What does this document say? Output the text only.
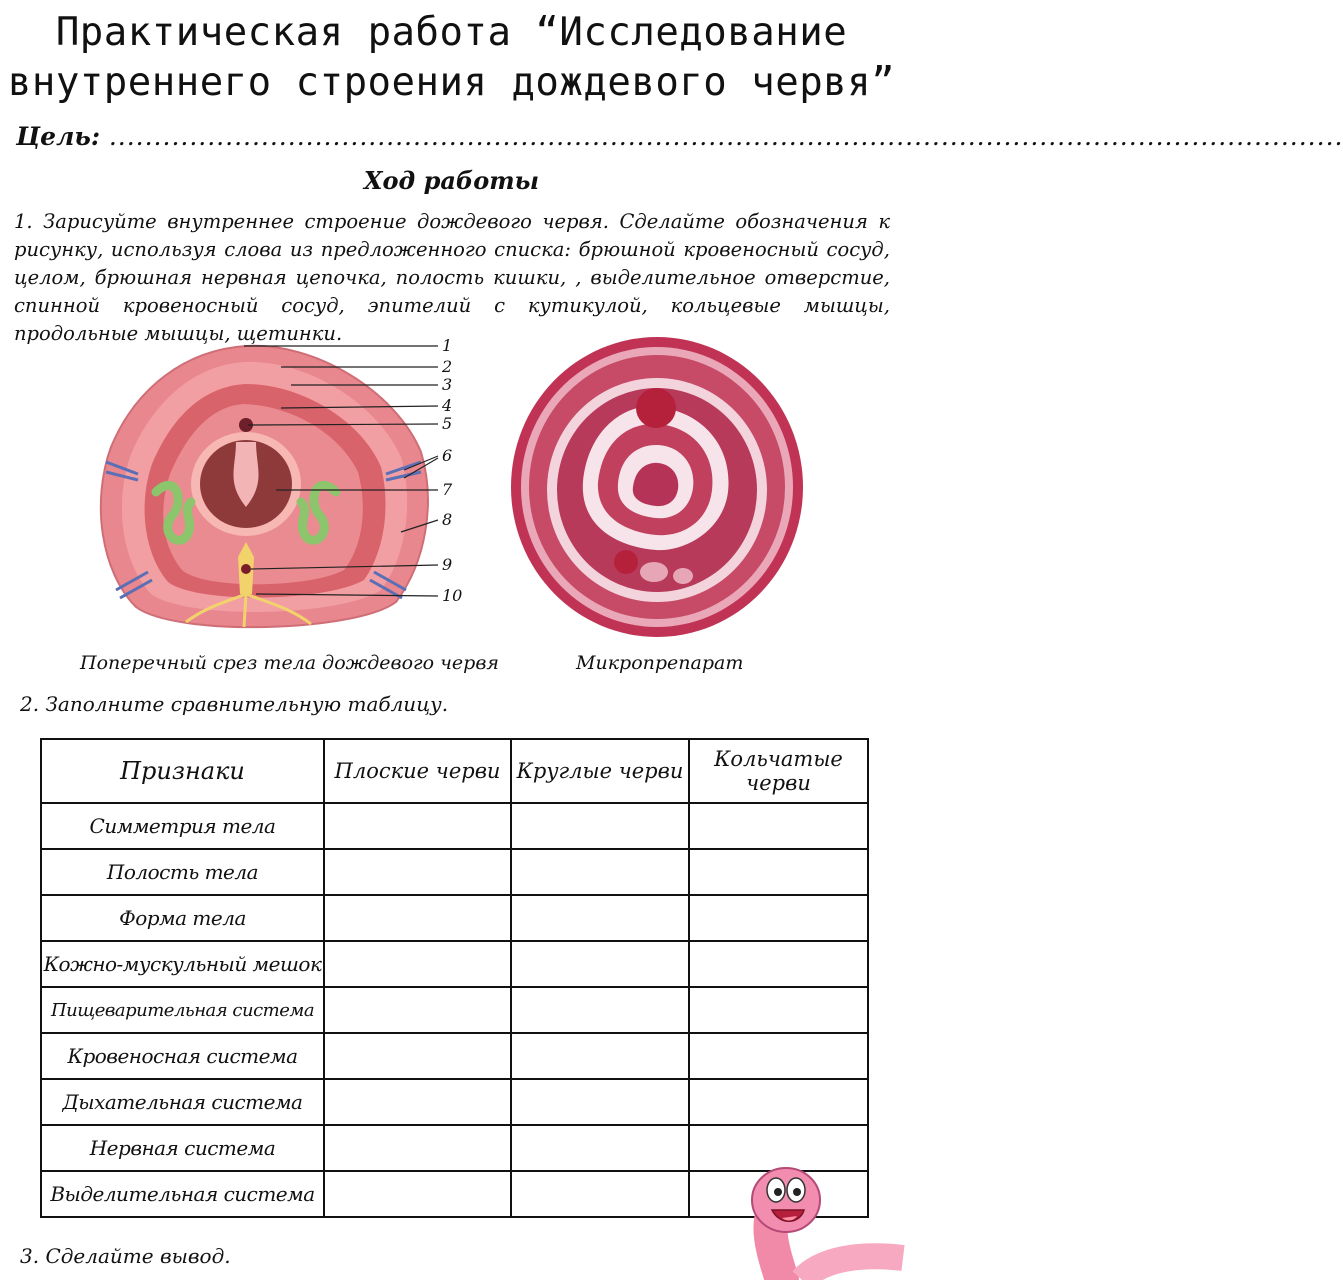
Практическая работа “Исследование
внутреннего строения дождевого червя”
Цель: ..........................................................................................................................................
Ход работы
1. Зарисуйте внутреннее строение дождевого червя. Сделайте обозначения к рисунку, используя слова из предложенного списка: брюшной кровеносный сосуд, целом, брюшная нервная цепочка, полость кишки, , выделительное отверстие, спинной кровеносный сосуд, эпителий с кутикулой, кольцевые мышцы, продольные мышцы, щетинки.
1
2
3
4
5
6
7
8
9
10
Поперечный срез тела дождевого червя	Микропрепарат
2. Заполните сравнительную таблицу.
Признаки	Плоские черви	Круглые черви	Кольчатые черви
Симметрия тела			
Полость тела			
Форма тела			
Кожно-мускульный мешок			
Пищеварительная система			
Кровеносная система			
Дыхательная система			
Нервная система			
Выделительная система			
3. Сделайте вывод.
